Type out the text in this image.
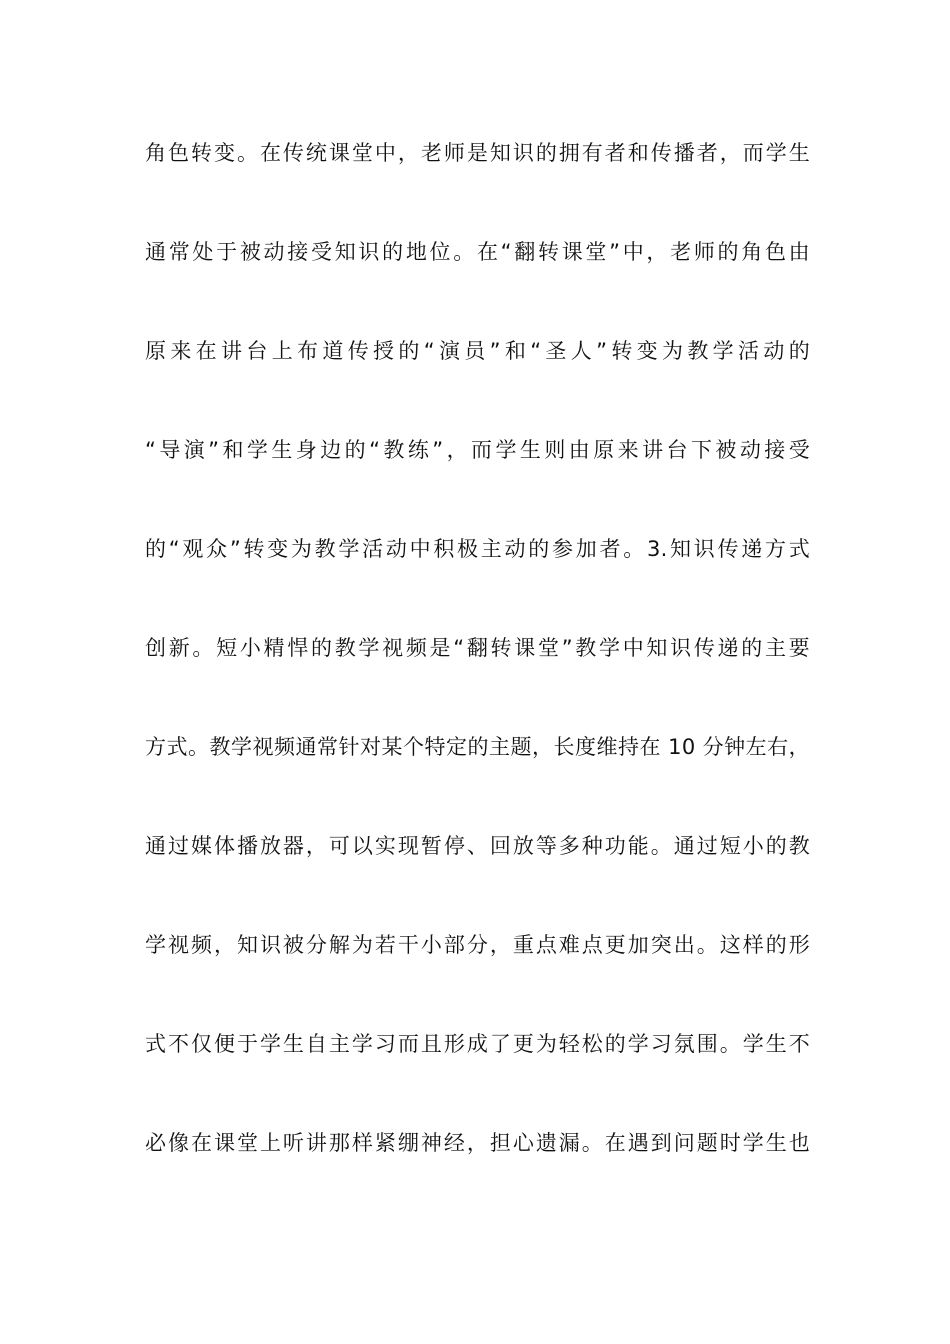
角色转变。在传统课堂中，老师是知识的拥有者和传播者，而学生
通常处于被动接受知识的地位。在“翻转课堂”中，老师的角色由
原来在讲台上布道传授的“演员”和“圣人”转变为教学活动的
“导演”和学生身边的“教练”，而学生则由原来讲台下被动接受
的“观众”转变为教学活动中积极主动的参加者。3.知识传递方式
创新。短小精悍的教学视频是“翻转课堂”教学中知识传递的主要
方式。教学视频通常针对某个特定的主题，长度维持在 10 分钟左右，
通过媒体播放器，可以实现暂停、回放等多种功能。通过短小的教
学视频，知识被分解为若干小部分，重点难点更加突出。这样的形
式不仅便于学生自主学习而且形成了更为轻松的学习氛围。学生不
必像在课堂上听讲那样紧绷神经，担心遗漏。在遇到问题时学生也
